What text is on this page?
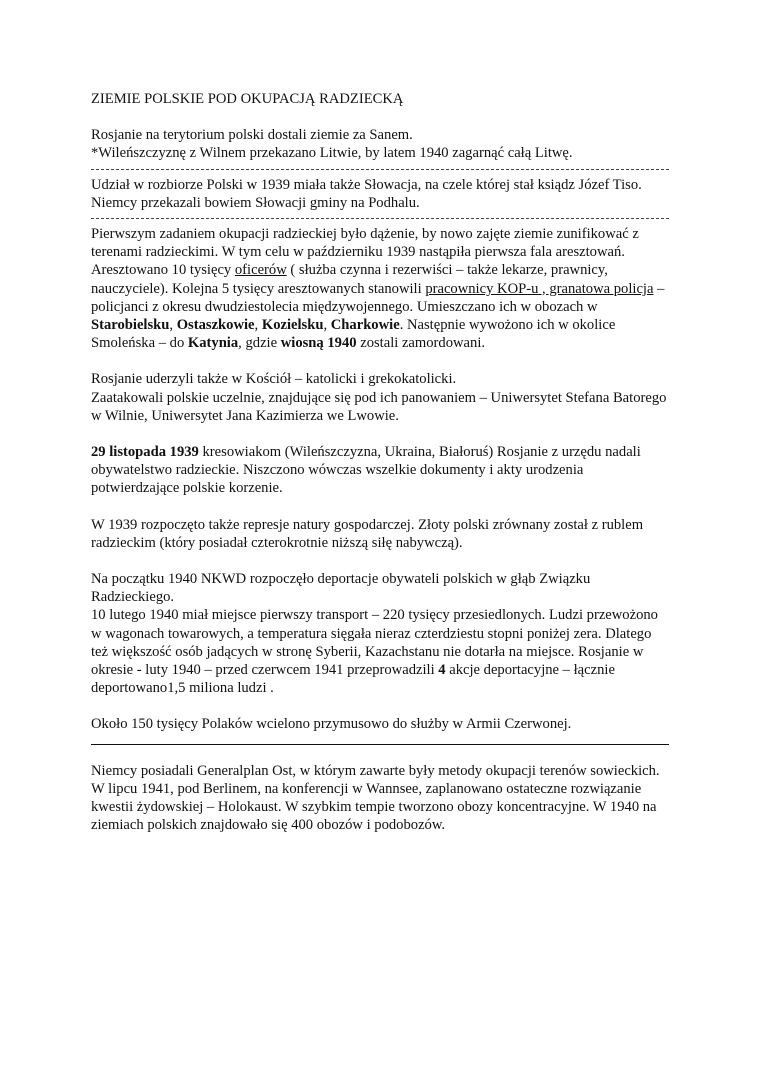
ZIEMIE POLSKIE POD OKUPACJĄ RADZIECKĄ

Rosjanie na terytorium polski dostali ziemie za Sanem.

*Wileńszczyznę z Wilnem przekazano Litwie, by latem 1940 zagarnąć całą Litwę.

Udział w rozbiorze Polski w 1939 miała także Słowacja, na czele której stał ksiądz Józef Tiso. Niemcy przekazali bowiem Słowacji gminy na Podhalu.

Pierwszym zadaniem okupacji radzieckiej było dążenie, by nowo zajęte ziemie zunifikować z terenami radzieckimi. W tym celu w październiku 1939 nastąpiła pierwsza fala aresztowań. Aresztowano 10 tysięcy oficerów ( służba czynna i rezerwiści – także lekarze, prawnicy, nauczyciele). Kolejna 5 tysięcy aresztowanych stanowili pracownicy KOP-u , granatowa policja – policjanci z okresu dwudziestolecia międzywojennego. Umieszczano ich w obozach w Starobielsku, Ostaszkowie, Kozielsku, Charkowie. Następnie wywożono ich w okolice Smoleńska – do Katynia, gdzie wiosną 1940 zostali zamordowani.

Rosjanie uderzyli także w Kościół – katolicki i grekokatolicki.

Zaatakowali polskie uczelnie, znajdujące się pod ich panowaniem – Uniwersytet Stefana Batorego w Wilnie, Uniwersytet Jana Kazimierza we Lwowie.

29 listopada 1939 kresowiakom (Wileńszczyzna, Ukraina, Białoruś) Rosjanie z urzędu nadali obywatelstwo radzieckie. Niszczono wówczas wszelkie dokumenty i akty urodzenia potwierdzające polskie korzenie.

W 1939 rozpoczęto także represje natury gospodarczej. Złoty polski zrównany został z rublem radzieckim (który posiadał czterokrotnie niższą siłę nabywczą).

Na początku 1940 NKWD rozpoczęło deportacje obywateli polskich w głąb Związku Radzieckiego.

10 lutego 1940 miał miejsce pierwszy transport – 220 tysięcy przesiedlonych. Ludzi przewożono w wagonach towarowych, a temperatura sięgała nieraz czterdziestu stopni poniżej zera. Dlatego też większość osób jadących w stronę Syberii, Kazachstanu nie dotarła na miejsce. Rosjanie w okresie - luty 1940 – przed czerwcem 1941 przeprowadzili 4 akcje deportacyjne – łącznie deportowano1,5 miliona ludzi .

Około 150 tysięcy Polaków wcielono przymusowo do służby w Armii Czerwonej.

Niemcy posiadali Generalplan Ost, w którym zawarte były metody okupacji terenów sowieckich.

W lipcu 1941, pod Berlinem, na konferencji w Wannsee, zaplanowano ostateczne rozwiązanie kwestii żydowskiej – Holokaust. W szybkim tempie tworzono obozy koncentracyjne. W 1940 na ziemiach polskich znajdowało się 400 obozów i podobozów.
